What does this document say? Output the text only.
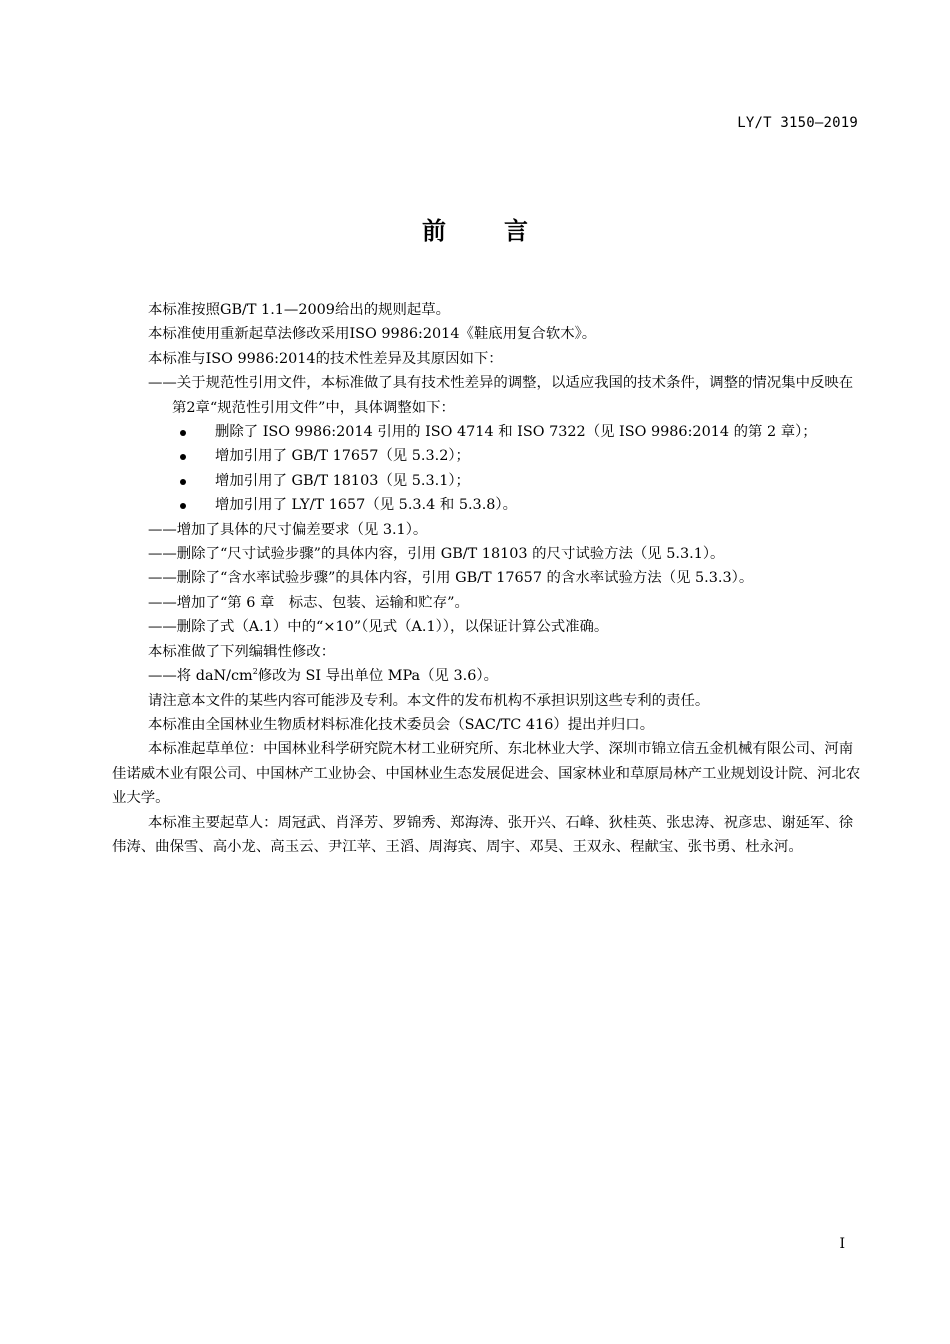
LY/T 3150—2019
前 言

本标准按照GB/T 1.1—2009给出的规则起草。

本标准使用重新起草法修改采用ISO 9986:2014《鞋底用复合软木》。

本标准与ISO 9986:2014的技术性差异及其原因如下：

——关于规范性引用文件，本标准做了具有技术性差异的调整，以适应我国的技术条件，调整的情况集中反映在第2章“规范性引用文件”中，具体调整如下：

删除了 ISO 9986:2014 引用的 ISO 4714 和 ISO 7322（见 ISO 9986:2014 的第 2 章）；
增加引用了 GB/T 17657（见 5.3.2）；
增加引用了 GB/T 18103（见 5.3.1）；
增加引用了 LY/T 1657（见 5.3.4 和 5.3.8）。

——增加了具体的尺寸偏差要求（见 3.1）。

——删除了“尺寸试验步骤”的具体内容，引用 GB/T 18103 的尺寸试验方法（见 5.3.1）。

——删除了“含水率试验步骤”的具体内容，引用 GB/T 17657 的含水率试验方法（见 5.3.3）。

——增加了“第 6 章　标志、包装、运输和贮存”。

——删除了式（A.1）中的“×10”（见式（A.1）），以保证计算公式准确。

本标准做了下列编辑性修改：

——将 daN/$cm^2$修改为 SI 导出单位 MPa（见 3.6）。

请注意本文件的某些内容可能涉及专利。本文件的发布机构不承担识别这些专利的责任。

本标准由全国林业生物质材料标准化技术委员会（SAC/TC 416）提出并归口。

本标准起草单位：中国林业科学研究院木材工业研究所、东北林业大学、深圳市锦立信五金机械有限公司、河南佳诺威木业有限公司、中国林产工业协会、中国林业生态发展促进会、国家林业和草原局林产工业规划设计院、河北农业大学。

本标准主要起草人：周冠武、肖泽芳、罗锦秀、郑海涛、张开兴、石峰、狄桂英、张忠涛、祝彦忠、谢延军、徐伟涛、曲保雪、高小龙、高玉云、尹江苹、王滔、周海宾、周宇、邓昊、王双永、程献宝、张书勇、杜永河。

I
